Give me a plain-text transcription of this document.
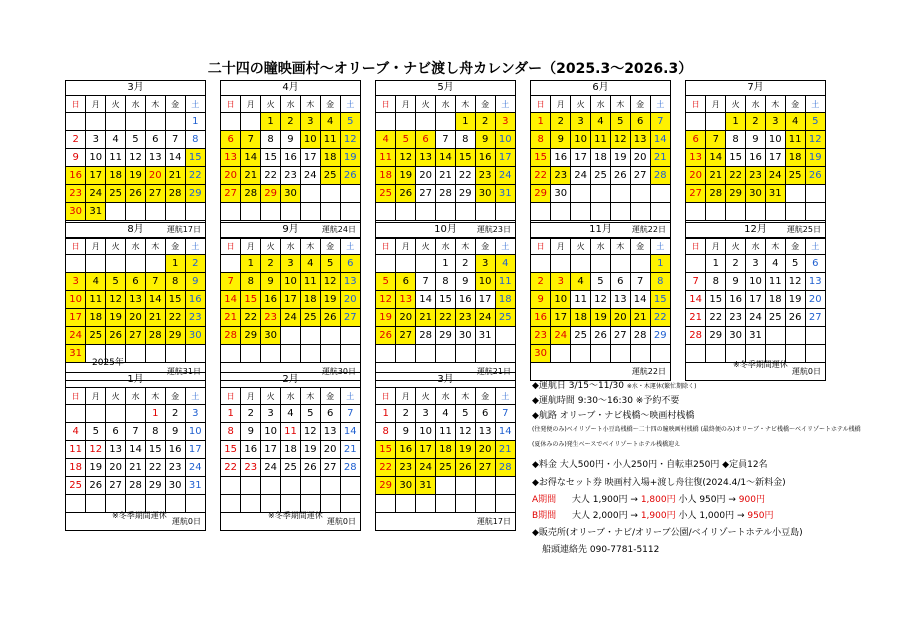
二十四の瞳映画村〜オリーブ・ナビ渡し舟カレンダー（2025.3〜2026.3）
3月
日	月	火	水	木	金	土
						1
2	3	4	5	6	7	8
9	10	11	12	13	14	15
16	17	18	19	20	21	22
23	24	25	26	27	28	29
30	31					
運航17日						
4月
日	月	火	水	木	金	土
		1	2	3	4	5
6	7	8	9	10	11	12
13	14	15	16	17	18	19
20	21	22	23	24	25	26
27	28	29	30			

運航24日						
5月
日	月	火	水	木	金	土
				1	2	3
4	5	6	7	8	9	10
11	12	13	14	15	16	17
18	19	20	21	22	23	24
25	26	27	28	29	30	31

運航23日						
6月
日	月	火	水	木	金	土
1	2	3	4	5	6	7
8	9	10	11	12	13	14
15	16	17	18	19	20	21
22	23	24	25	26	27	28
29	30					

運航22日						
7月
日	月	火	水	木	金	土
		1	2	3	4	5
6	7	8	9	10	11	12
13	14	15	16	17	18	19
20	21	22	23	24	25	26
27	28	29	30	31		

運航25日						
8月
日	月	火	水	木	金	土
					1	2
3	4	5	6	7	8	9
10	11	12	13	14	15	16
17	18	19	20	21	22	23
24	25	26	27	28	29	30
31						
運航31日						
9月
日	月	火	水	木	金	土
	1	2	3	4	5	6
7	8	9	10	11	12	13
14	15	16	17	18	19	20
21	22	23	24	25	26	27
28	29	30				

運航30日						
10月
日	月	火	水	木	金	土
			1	2	3	4
5	6	7	8	9	10	11
12	13	14	15	16	17	18
19	20	21	22	23	24	25
26	27	28	29	30	31	

運航21日						
11月
日	月	火	水	木	金	土
						1
2	3	4	5	6	7	8
9	10	11	12	13	14	15
16	17	18	19	20	21	22
23	24	25	26	27	28	29
30						
運航22日						
12月
日	月	火	水	木	金	土
	1	2	3	4	5	6
7	8	9	10	11	12	13
14	15	16	17	18	19	20
21	22	23	24	25	26	27
28	29	30	31			

運航0日						
1月
日	月	火	水	木	金	土
				1	2	3
4	5	6	7	8	9	10
11	12	13	14	15	16	17
18	19	20	21	22	23	24
25	26	27	28	29	30	31

運航0日						
2月
日	月	火	水	木	金	土
1	2	3	4	5	6	7
8	9	10	11	12	13	14
15	16	17	18	19	20	21
22	23	24	25	26	27	28

運航0日						
3月
日	月	火	水	木	金	土
1	2	3	4	5	6	7
8	9	10	11	12	13	14
15	16	17	18	19	20	21
22	23	24	25	26	27	28
29	30	31				

運航17日						
2025年	※冬季期間運休
※冬季期間運休	※冬季期間運休
◆運航日 3/15〜11/30 ※水・木運休(繁忙期除く)
◆運航時間 9:30〜16:30 ※予約不要
◆航路 オリーブ・ナビ桟橋〜映画村桟橋
(往発便のみ)ベイリゾート小豆島桟橋〜二十四の瞳映画村桟橋 (最終便のみ)オリーブ・ナビ桟橋〜ベイリゾートホテル桟橋
(夏休みのみ)発生ベースでベイリゾートホテル桟橋迎え
◆料金 大人500円・小人250円・自転車250円 ◆定員12名
◆お得なセット券 映画村入場+渡し舟往復(2024.4/1〜新料金)
A期間 大人 1,900円 → 1,800円 小人 950円 → 900円
B期間 大人 2,000円 → 1,900円 小人 1,000円 → 950円
◆販売所(オリーブ・ナビ/オリーブ公園/ベイリゾートホテル小豆島)
船頭連絡先 090-7781-5112
